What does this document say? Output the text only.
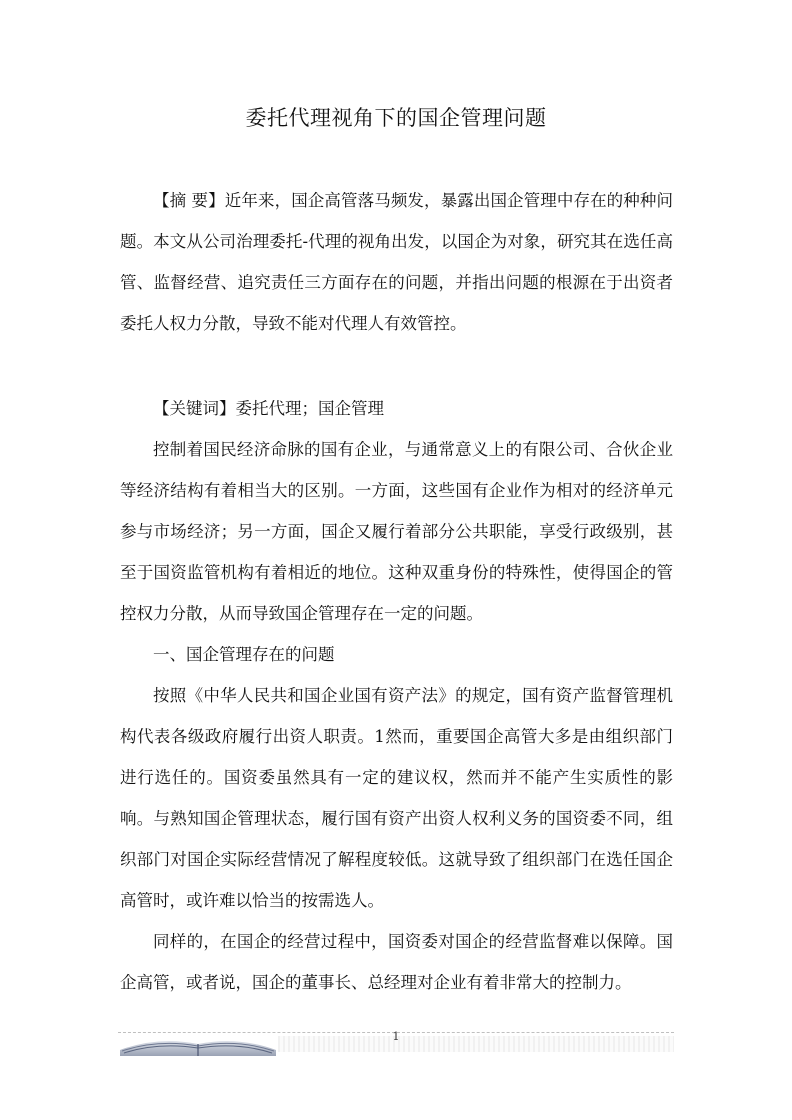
委托代理视角下的国企管理问题

【摘 要】近年来，国企高管落马频发，暴露出国企管理中存在的种种问题。本文从公司治理委托-代理的视角出发，以国企为对象，研究其在选任高管、监督经营、追究责任三方面存在的问题，并指出问题的根源在于出资者委托人权力分散，导致不能对代理人有效管控。

【关键词】委托代理；国企管理

控制着国民经济命脉的国有企业，与通常意义上的有限公司、合伙企业等经济结构有着相当大的区别。一方面，这些国有企业作为相对的经济单元参与市场经济；另一方面，国企又履行着部分公共职能，享受行政级别，甚至于国资监管机构有着相近的地位。这种双重身份的特殊性，使得国企的管控权力分散，从而导致国企管理存在一定的问题。

一、国企管理存在的问题

按照《中华人民共和国企业国有资产法》的规定，国有资产监督管理机构代表各级政府履行出资人职责。1然而，重要国企高管大多是由组织部门进行选任的。国资委虽然具有一定的建议权，然而并不能产生实质性的影响。与熟知国企管理状态，履行国有资产出资人权利义务的国资委不同，组织部门对国企实际经营情况了解程度较低。这就导致了组织部门在选任国企高管时，或许难以恰当的按需选人。

同样的，在国企的经营过程中，国资委对国企的经营监督难以保障。国企高管，或者说，国企的董事长、总经理对企业有着非常大的控制力。

1
